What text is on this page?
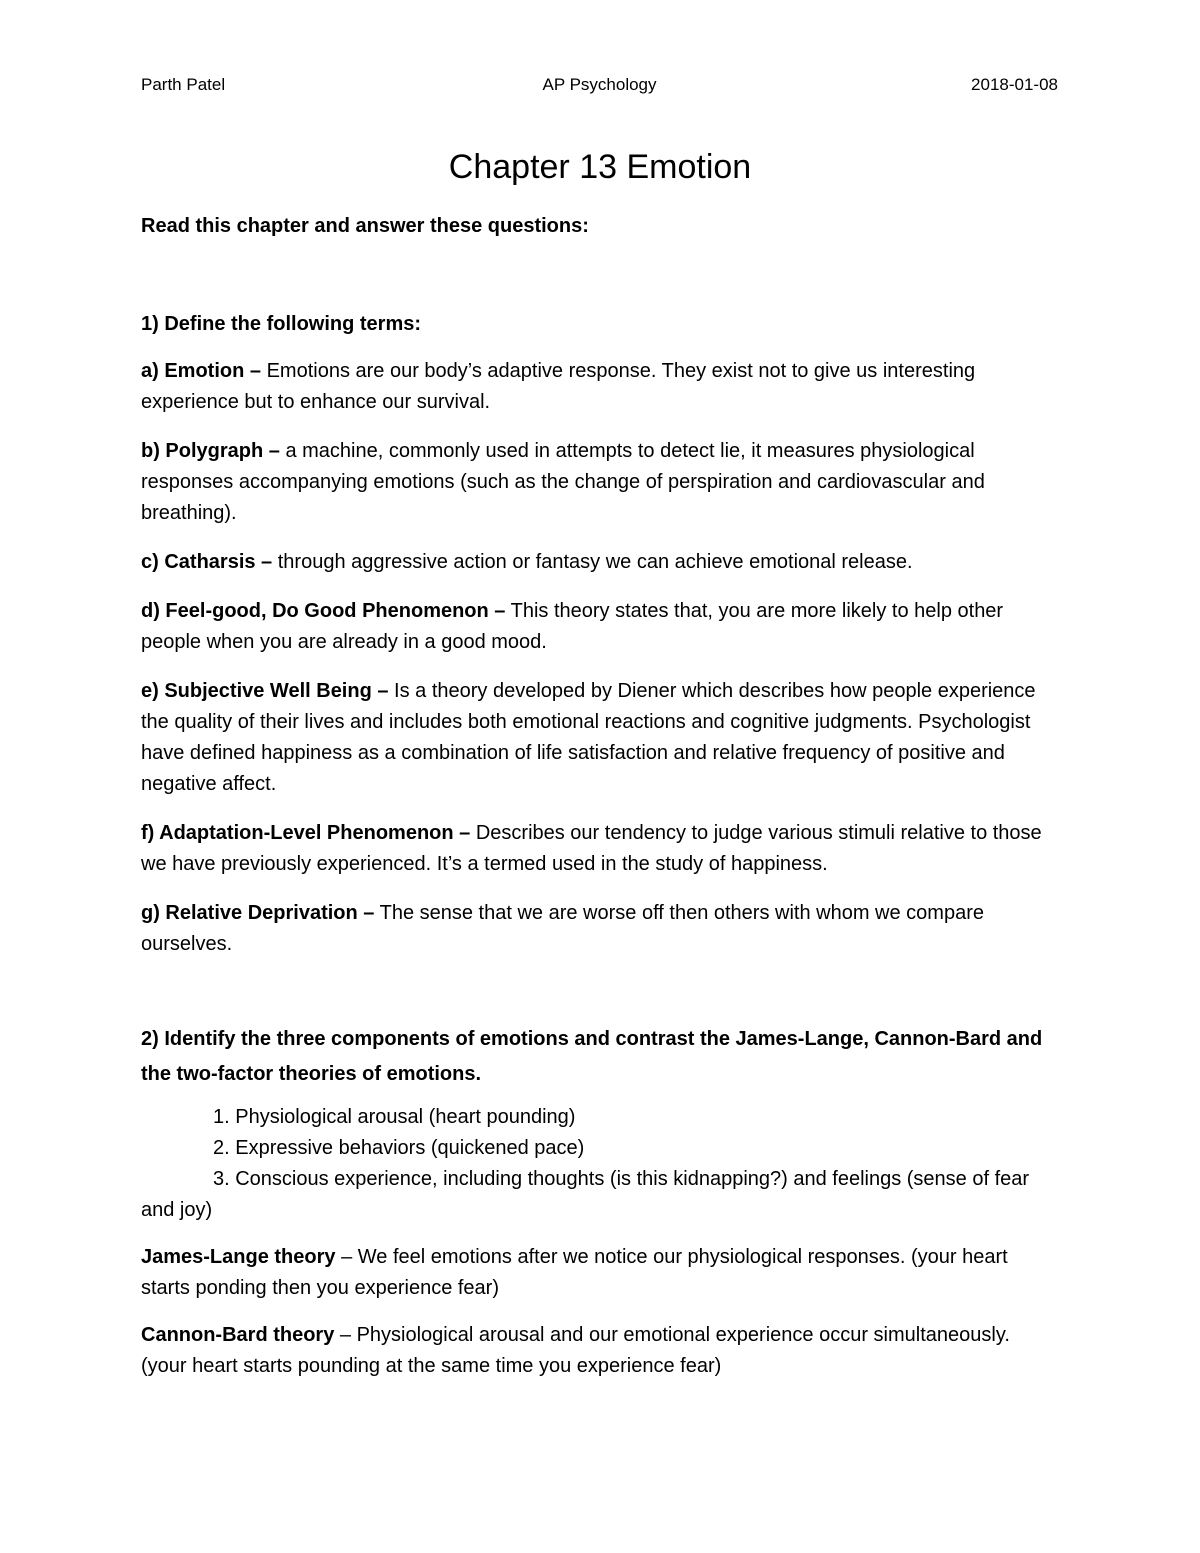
Parth Patel	AP Psychology	2018-01-08
Chapter 13 Emotion

Read this chapter and answer these questions:

1) Define the following terms:

a) Emotion – Emotions are our body’s adaptive response. They exist not to give us interesting experience but to enhance our survival.

b) Polygraph – a machine, commonly used in attempts to detect lie, it measures physiological responses accompanying emotions (such as the change of perspiration and cardiovascular and breathing).

c) Catharsis – through aggressive action or fantasy we can achieve emotional release.

d) Feel-good, Do Good Phenomenon – This theory states that, you are more likely to help other people when you are already in a good mood.

e) Subjective Well Being – Is a theory developed by Diener which describes how people experience the quality of their lives and includes both emotional reactions and cognitive judgments. Psychologist have defined happiness as a combination of life satisfaction and relative frequency of positive and negative affect.

f) Adaptation-Level Phenomenon – Describes our tendency to judge various stimuli relative to those we have previously experienced. It’s a termed used in the study of happiness.

g) Relative Deprivation – The sense that we are worse off then others with whom we compare ourselves.

2) Identify the three components of emotions and contrast the James-Lange, Cannon-Bard and the two-factor theories of emotions.

1. Physiological arousal (heart pounding)

2. Expressive behaviors (quickened pace)

3. Conscious experience, including thoughts (is this kidnapping?) and feelings (sense of fear and joy)

James-Lange theory – We feel emotions after we notice our physiological responses. (your heart starts ponding then you experience fear)

Cannon-Bard theory – Physiological arousal and our emotional experience occur simultaneously. (your heart starts pounding at the same time you experience fear)
